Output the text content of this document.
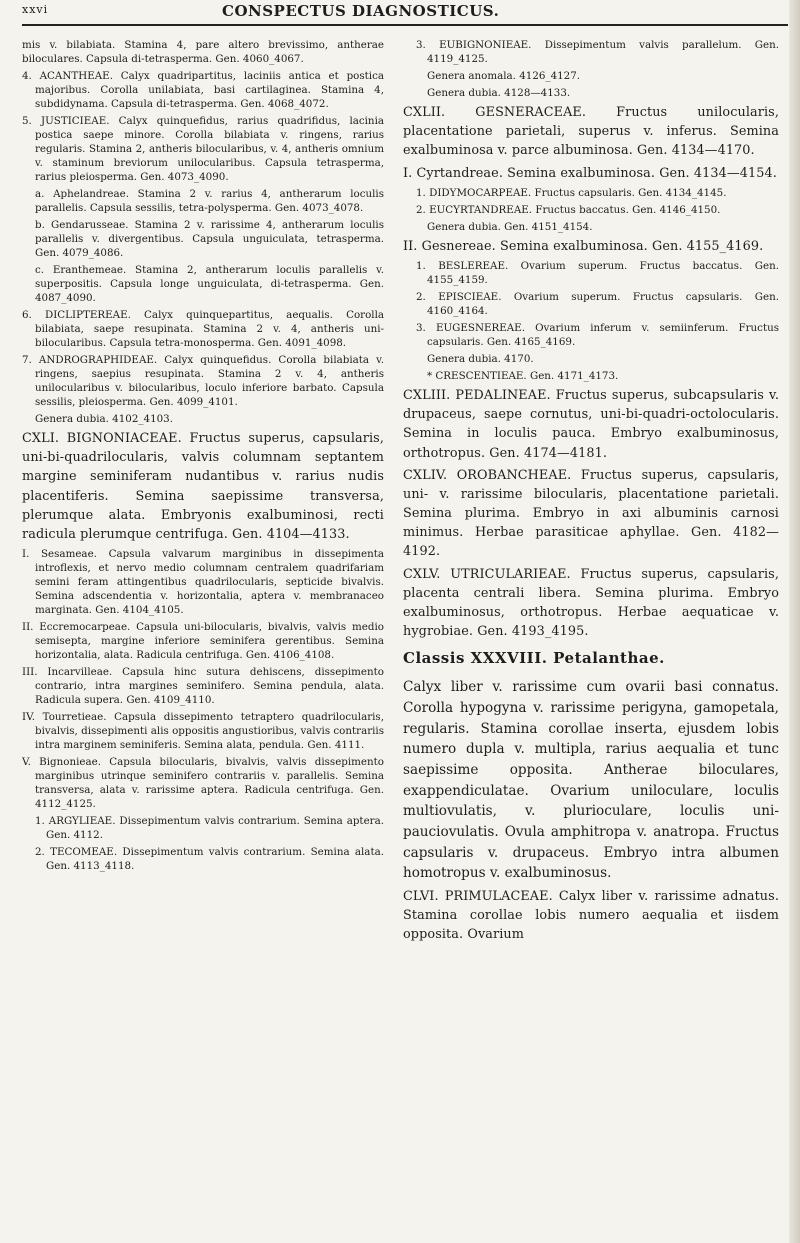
xxvi	CONSPECTUS DIAGNOSTICUS.

mis v. bilabiata. Stamina 4, pare altero brevissimo, antherae biloculares. Capsula di-tetrasperma. Gen. 4060_4067.

4. ACANTHEAE. Calyx quadripartitus, laciniis antica et postica majoribus. Corolla unilabiata, basi cartilaginea. Stamina 4, subdidynama. Capsula di-tetrasperma. Gen. 4068_4072.

5. JUSTICIEAE. Calyx quinquefidus, rarius quadrifidus, lacinia postica saepe minore. Corolla bilabiata v. ringens, rarius regularis. Stamina 2, antheris bilocularibus, v. 4, antheris omnium v. staminum breviorum unilocularibus. Capsula tetrasperma, rarius pleiosperma. Gen. 4073_4090.

a. Aphelandreae. Stamina 2 v. rarius 4, antherarum loculis parallelis. Capsula sessilis, tetra-polysperma. Gen. 4073_4078.

b. Gendarusseae. Stamina 2 v. rarissime 4, antherarum loculis parallelis v. divergentibus. Capsula unguiculata, tetrasperma. Gen. 4079_4086.

c. Eranthemeae. Stamina 2, antherarum loculis parallelis v. superpositis. Capsula longe unguiculata, di-tetrasperma. Gen. 4087_4090.

6. DICLIPTEREAE. Calyx quinquepartitus, aequalis. Corolla bilabiata, saepe resupinata. Stamina 2 v. 4, antheris uni-bilocularibus. Capsula tetra-monosperma. Gen. 4091_4098.

7. ANDROGRAPHIDEAE. Calyx quinquefidus. Corolla bilabiata v. ringens, saepius resupinata. Stamina 2 v. 4, antheris unilocularibus v. bilocularibus, loculo inferiore barbato. Capsula sessilis, pleiosperma. Gen. 4099_4101.

Genera dubia. 4102_4103.

CXLI. BIGNONIACEAE. Fructus superus, capsularis, uni-bi-quadrilocularis, valvis columnam septantem margine seminiferam nudantibus v. rarius nudis placentiferis. Semina saepissime transversa, plerumque alata. Embryonis exalbuminosi, recti radicula plerumque centrifuga. Gen. 4104—4133.

I. Sesameae. Capsula valvarum marginibus in dissepimenta introflexis, et nervo medio columnam centralem quadrifariam semini feram attingentibus quadrilocularis, septicide bivalvis. Semina adscendentia v. horizontalia, aptera v. membranaceo marginata. Gen. 4104_4105.

II. Eccremocarpeae. Capsula uni-bilocularis, bivalvis, valvis medio semisepta, margine inferiore seminifera gerentibus. Semina horizontalia, alata. Radicula centrifuga. Gen. 4106_4108.

III. Incarvilleae. Capsula hinc sutura dehiscens, dissepimento contrario, intra margines seminifero. Semina pendula, alata. Radicula supera. Gen. 4109_4110.

IV. Tourretieae. Capsula dissepimento tetraptero quadrilocularis, bivalvis, dissepimenti alis oppositis angustioribus, valvis contrariis intra marginem seminiferis. Semina alata, pendula. Gen. 4111.

V. Bignonieae. Capsula bilocularis, bivalvis, valvis dissepimento marginibus utrinque seminifero contrariis v. parallelis. Semina transversa, alata v. rarissime aptera. Radicula centrifuga. Gen. 4112_4125.

1. ARGYLIEAE. Dissepimentum valvis contrarium. Semina aptera. Gen. 4112.

2. TECOMEAE. Dissepimentum valvis contrarium. Semina alata. Gen. 4113_4118.

3. EUBIGNONIEAE. Dissepimentum valvis parallelum. Gen. 4119_4125.

Genera anomala. 4126_4127.

Genera dubia. 4128—4133.

CXLII. GESNERACEAE. Fructus unilocularis, placentatione parietali, superus v. inferus. Semina exalbuminosa v. parce albuminosa. Gen. 4134—4170.

I. Cyrtandreae. Semina exalbuminosa. Gen. 4134—4154.

1. DIDYMOCARPEAE. Fructus capsularis. Gen. 4134_4145.

2. EUCYRTANDREAE. Fructus baccatus. Gen. 4146_4150.

Genera dubia. Gen. 4151_4154.

II. Gesnereae. Semina exalbuminosa. Gen. 4155_4169.

1. BESLEREAE. Ovarium superum. Fructus baccatus. Gen. 4155_4159.

2. EPISCIEAE. Ovarium superum. Fructus capsularis. Gen. 4160_4164.

3. EUGESNEREAE. Ovarium inferum v. semiinferum. Fructus capsularis. Gen. 4165_4169.

Genera dubia. 4170.

* CRESCENTIEAE. Gen. 4171_4173.

CXLIII. PEDALINEAE. Fructus superus, subcapsularis v. drupaceus, saepe cornutus, uni-bi-quadri-octolocularis. Semina in loculis pauca. Embryo exalbuminosus, orthotropus. Gen. 4174—4181.

CXLIV. OROBANCHEAE. Fructus superus, capsularis, uni- v. rarissime bilocularis, placentatione parietali. Semina plurima. Embryo in axi albuminis carnosi minimus. Herbae parasiticae aphyllae. Gen. 4182—4192.

CXLV. UTRICULARIEAE. Fructus superus, capsularis, placenta centrali libera. Semina plurima. Embryo exalbuminosus, orthotropus. Herbae aequaticae v. hygrobiae. Gen. 4193_4195.

Classis XXXVIII. Petalanthae.

Calyx liber v. rarissime cum ovarii basi connatus. Corolla hypogyna v. rarissime perigyna, gamopetala, regularis. Stamina corollae inserta, ejusdem lobis numero dupla v. multipla, rarius aequalia et tunc saepissime opposita. Antherae biloculares, exappendiculatae. Ovarium uniloculare, loculis multiovulatis, v. plurioculare, loculis uni-pauciovulatis. Ovula amphitropa v. anatropa. Fructus capsularis v. drupaceus. Embryo intra albumen homotropus v. exalbuminosus.

CLVI. PRIMULACEAE. Calyx liber v. rarissime adnatus. Stamina corollae lobis numero aequalia et iisdem opposita. Ovarium
